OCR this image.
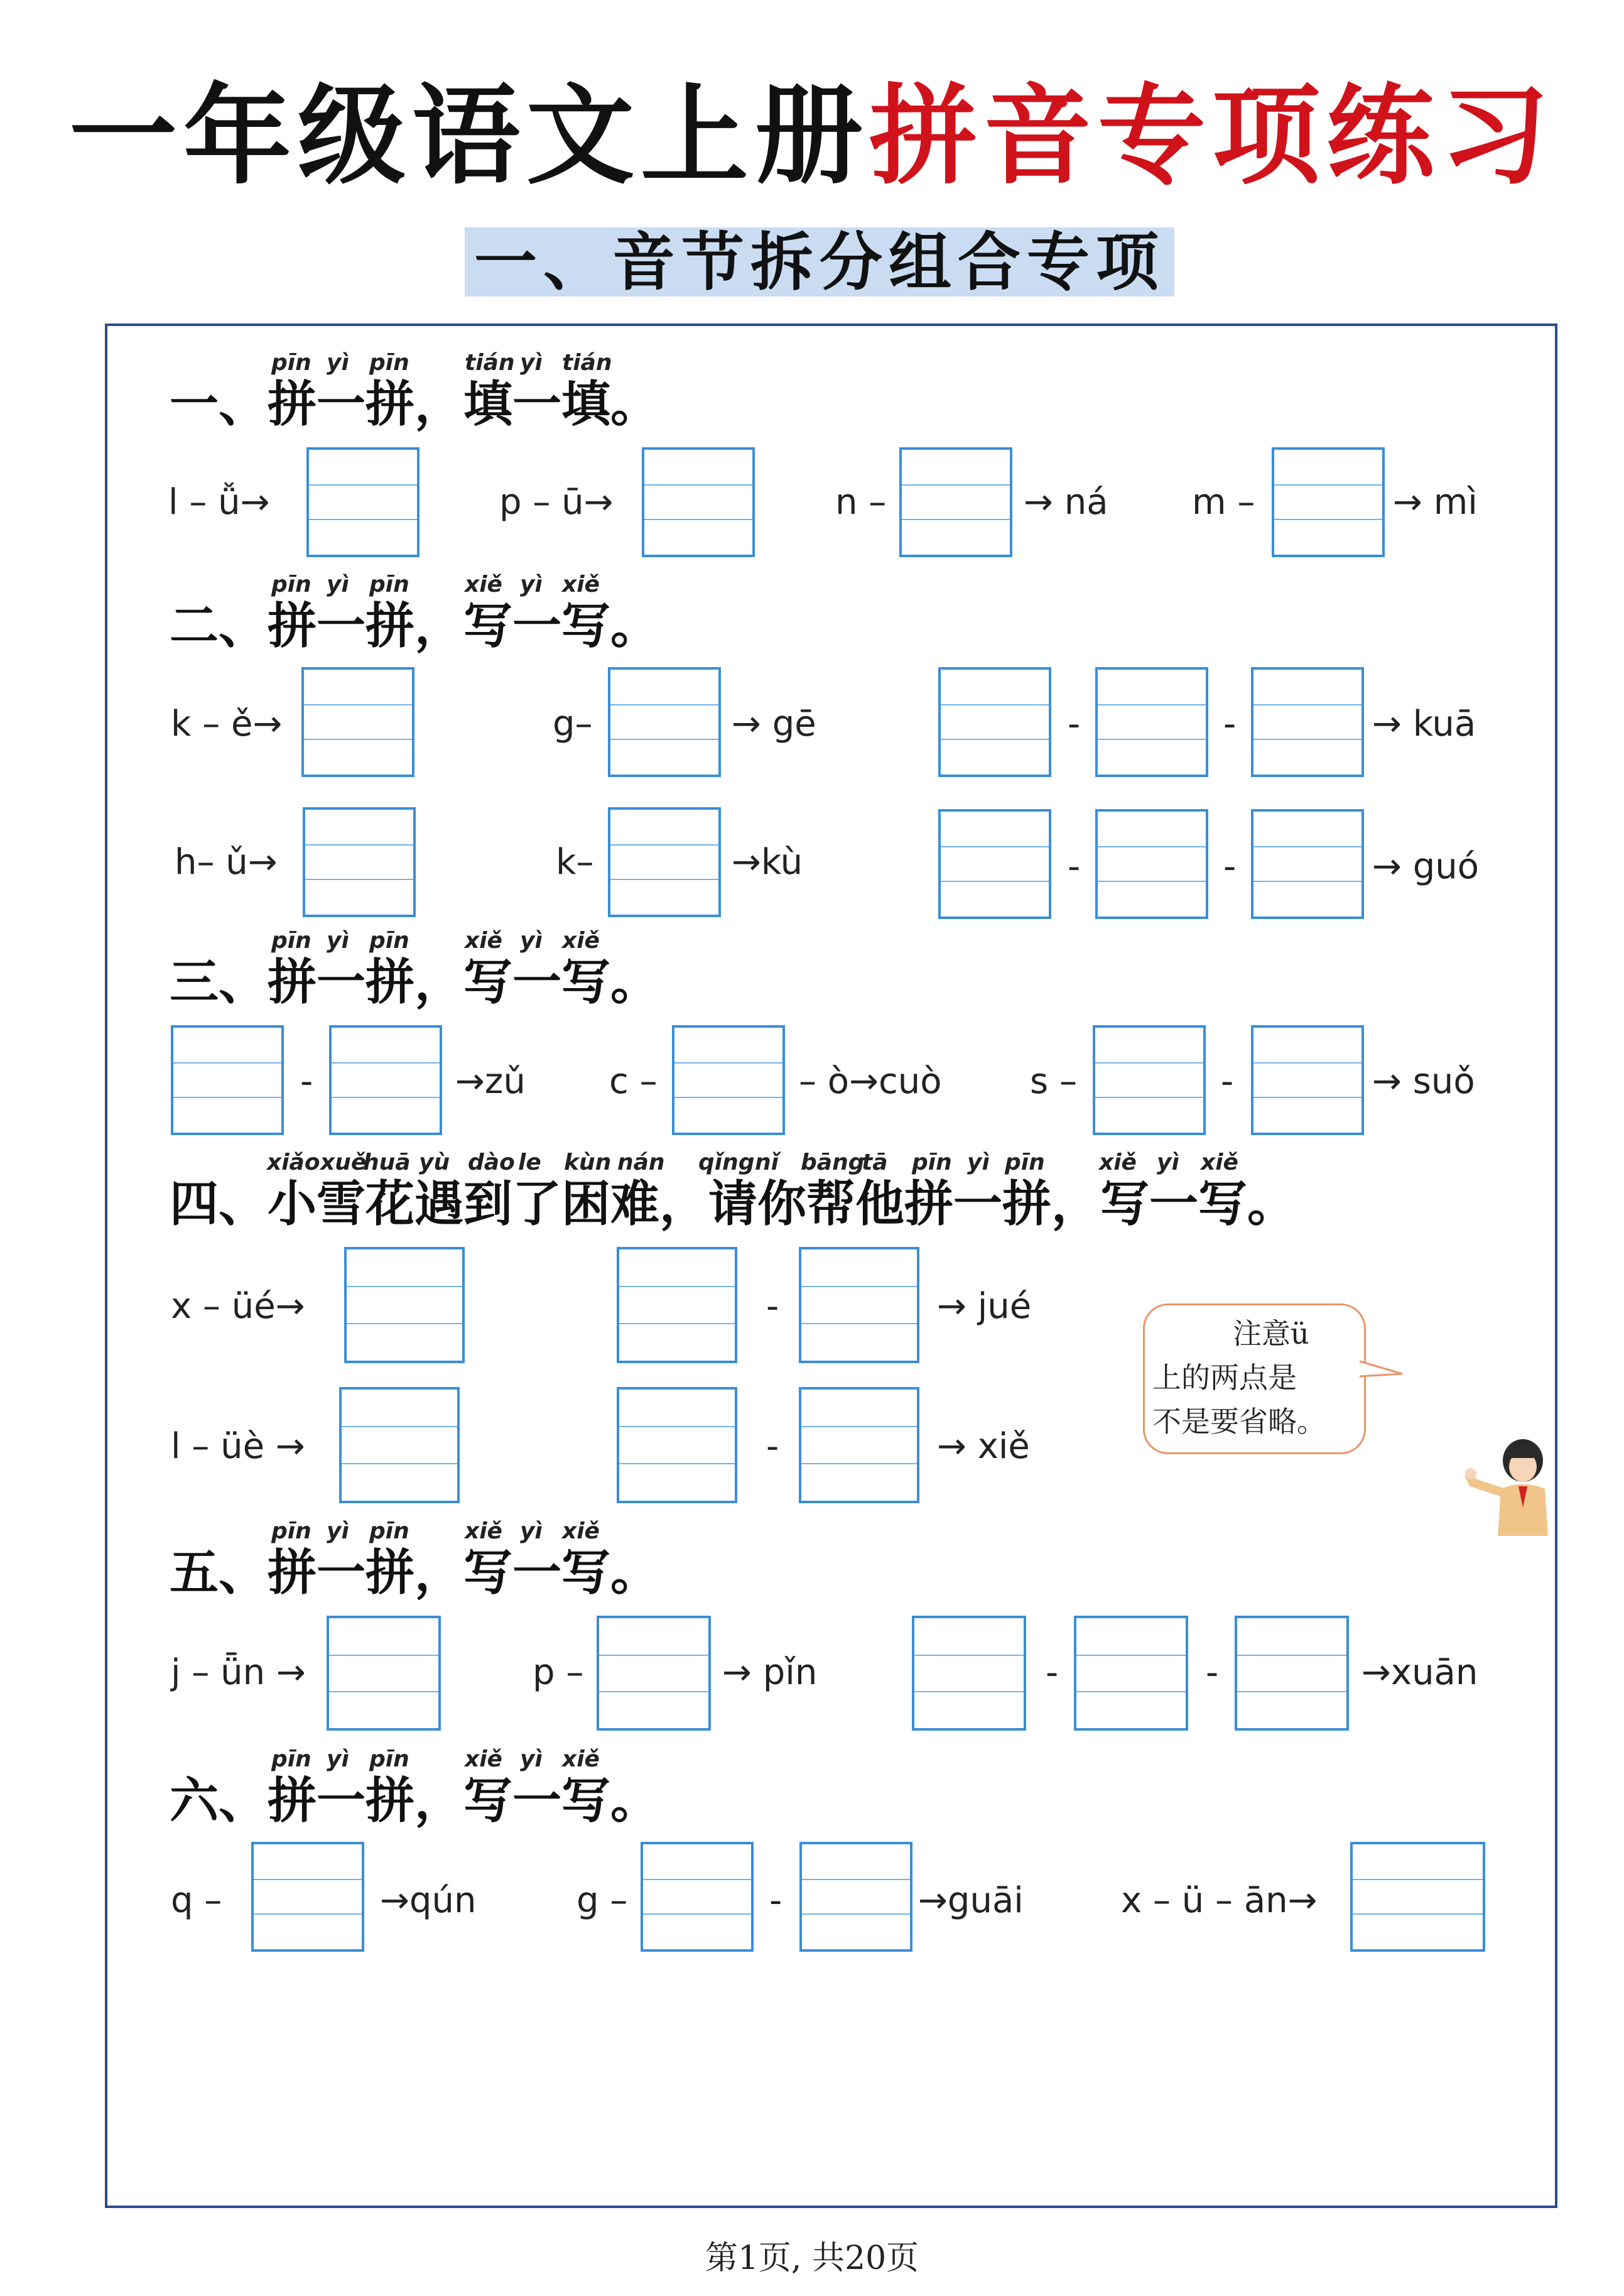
一年级语文上册拼音专项练习
一、音节拆分组合专项
一、拼一拼，填一填。
二、拼一拼，写一写。
三、拼一拼，写一写。
四、小雪花遇到了困难，请你帮他拼一拼，写一写。
五、拼一拼，写一写。
六、拼一拼，写一写。
pīn yì pīn tián yì tián
pīn yì pīn xiě yì xiě
pīn yì pīn xiě yì xiě
xiǎo xuě
huā yù dào le kùn nán qǐng nǐ bāng
tā pīn yì pīn xiě yì xiě
pīn yì pīn xiě yì xiě
pīn yì pīn xiě yì xiě
l – ǚ→	p – ū→	n –	→ ná m –	→ mì
k – ě→	g–	→ gē	-	-	→ kuā
h– ǔ→	k–	→kù	-	-	→ guó
-	→zǔ c –	– ò→cuò	s –	-	→ suǒ
x – üé→	-	→ jué
l – üè →	-	→ xiě
注意ü
上的两点是
不是要省略。
j – ǖn →	p –	→ pǐn	-	-	→xuān
q –	→qún	g –	-	→guāi	x – ü – ān→
第1页, 共20页
